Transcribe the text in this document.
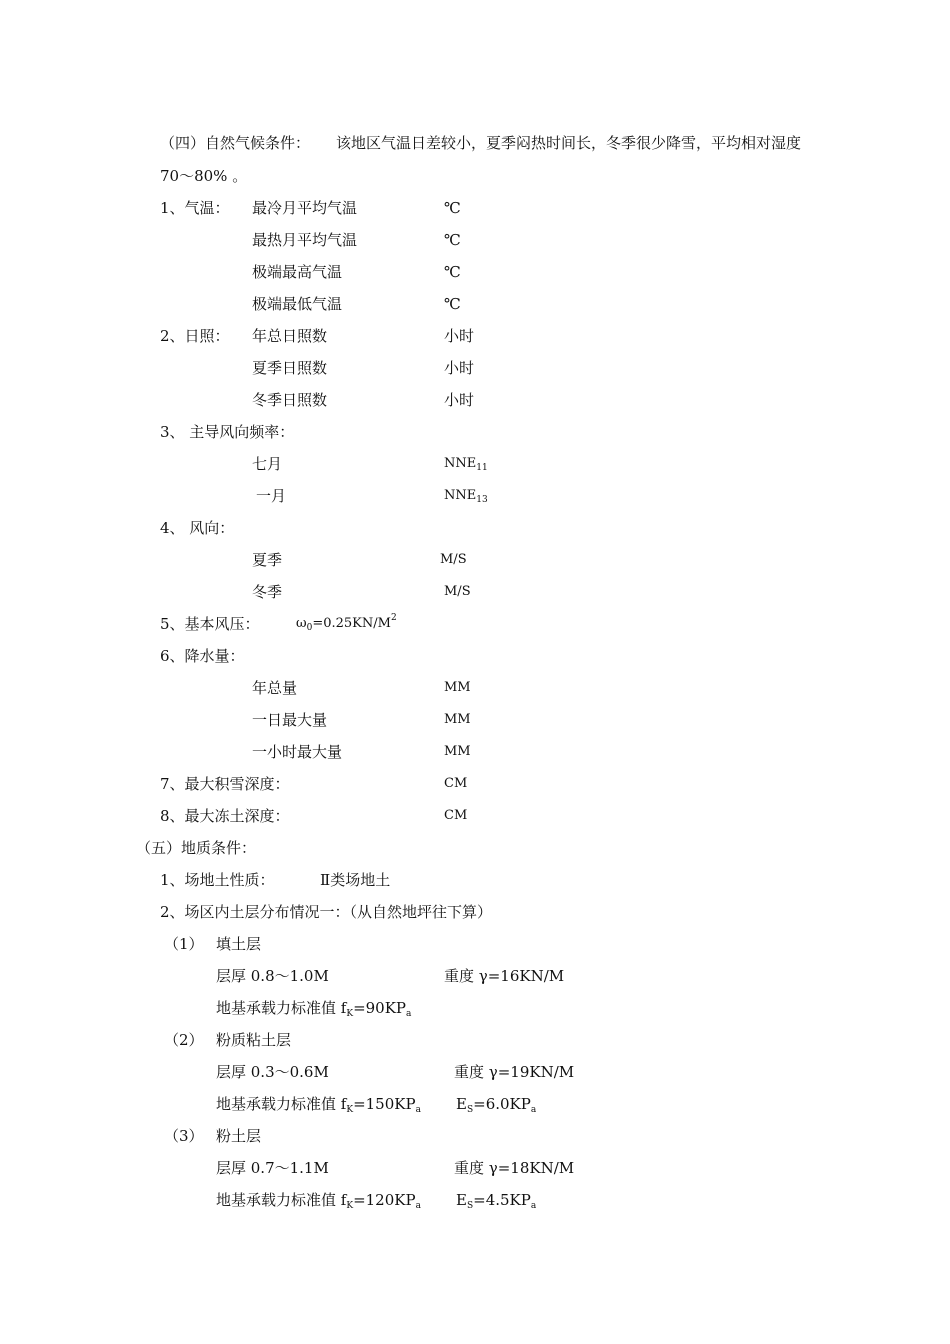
（四）自然气候条件： 该地区气温日差较小，夏季闷热时间长，冬季很少降雪，平均相对湿度
70～80% 。
1、气温： 最冷月平均气温	℃
最热月平均气温	℃
极端最高气温	℃
极端最低气温	℃
2、日照： 年总日照数	小时
夏季日照数	小时
冬季日照数	小时
3、 主导风向频率：
七月	$NNE_{11}$
一月	$NNE_{13}$
4、 风向：
夏季	M/S
冬季	M/S
5、基本风压：	$\omega_0=0.25KN/M^2$
6、降水量：
年总量	MM
一日最大量	MM
一小时最大量	MM
7、最大积雪深度：	CM
8、最大冻土深度：	CM
（五）地质条件：
1、场地土性质：	Ⅱ类场地土
2、场区内土层分布情况一：（从自然地坪往下算）
（1） 填土层
层厚 0.8～1.0M	重度 γ=16KN/M
地基承载力标准值 $f_K=90KP_a$
（2） 粉质粘土层
层厚 0.3～0.6M	重度 γ=19KN/M
地基承载力标准值 $f_K=150KP_a$ $E_S=6.0KP_a$
（3） 粉土层
层厚 0.7～1.1M	重度 γ=18KN/M
地基承载力标准值 $f_K=120KP_a$ $E_S=4.5KP_a$
